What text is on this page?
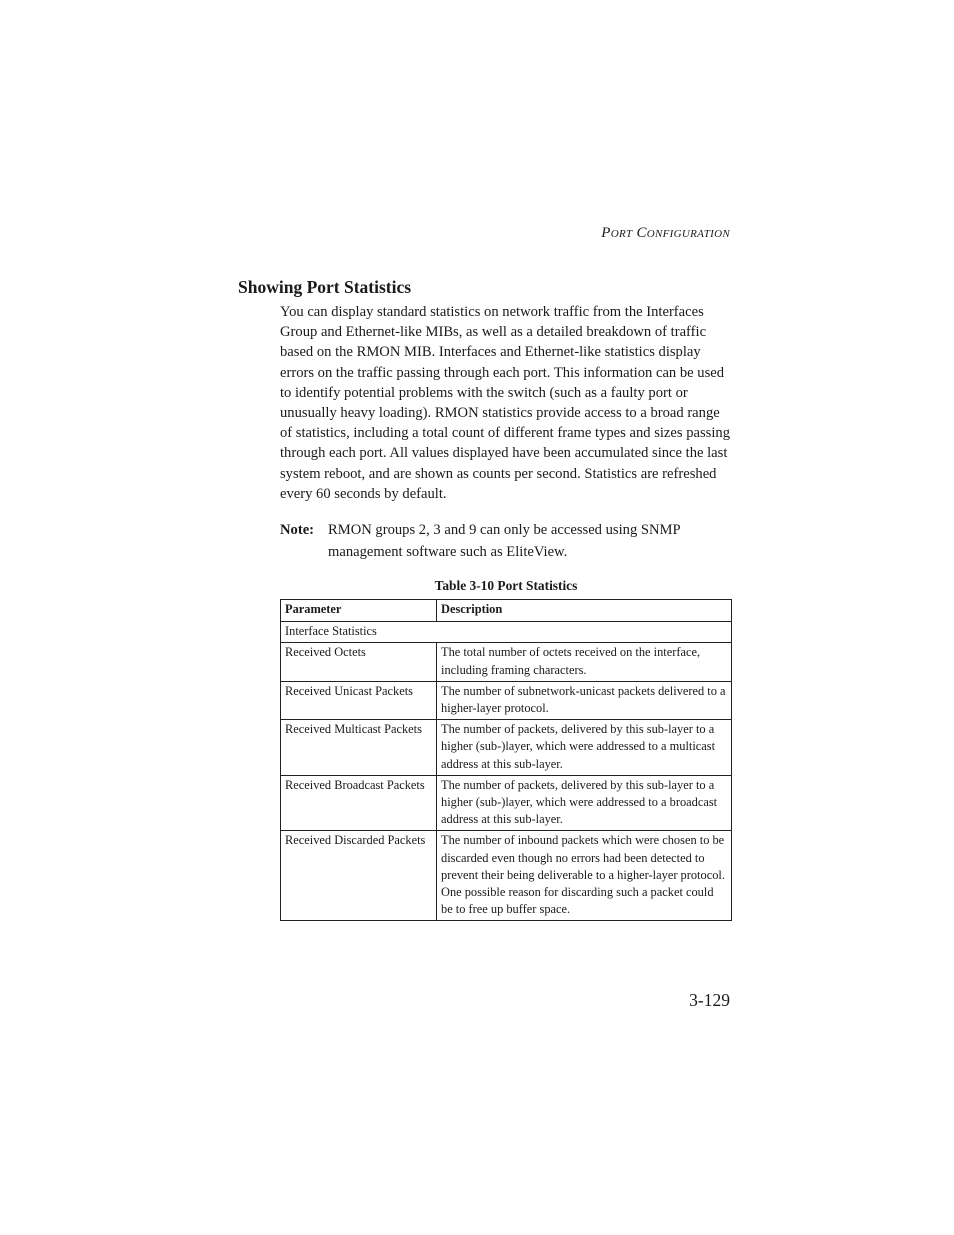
Port Configuration
Showing Port Statistics

You can display standard statistics on network traffic from the Interfaces Group and Ethernet-like MIBs, as well as a detailed breakdown of traffic based on the RMON MIB. Interfaces and Ethernet-like statistics display errors on the traffic passing through each port. This information can be used to identify potential problems with the switch (such as a faulty port or unusually heavy loading). RMON statistics provide access to a broad range of statistics, including a total count of different frame types and sizes passing through each port. All values displayed have been accumulated since the last system reboot, and are shown as counts per second. Statistics are refreshed every 60 seconds by default.

Note: RMON groups 2, 3 and 9 can only be accessed using SNMP management software such as EliteView.
Table 3-10 Port Statistics
Parameter	Description
Interface Statistics	
Received Octets	The total number of octets received on the interface, including framing characters.
Received Unicast Packets	The number of subnetwork-unicast packets delivered to a higher-layer protocol.
Received Multicast Packets	The number of packets, delivered by this sub-layer to a higher (sub-)layer, which were addressed to a multicast address at this sub-layer.
Received Broadcast Packets	The number of packets, delivered by this sub-layer to a higher (sub-)layer, which were addressed to a broadcast address at this sub-layer.
Received Discarded Packets	The number of inbound packets which were chosen to be discarded even though no errors had been detected to prevent their being deliverable to a higher-layer protocol. One possible reason for discarding such a packet could be to free up buffer space.
3-129
